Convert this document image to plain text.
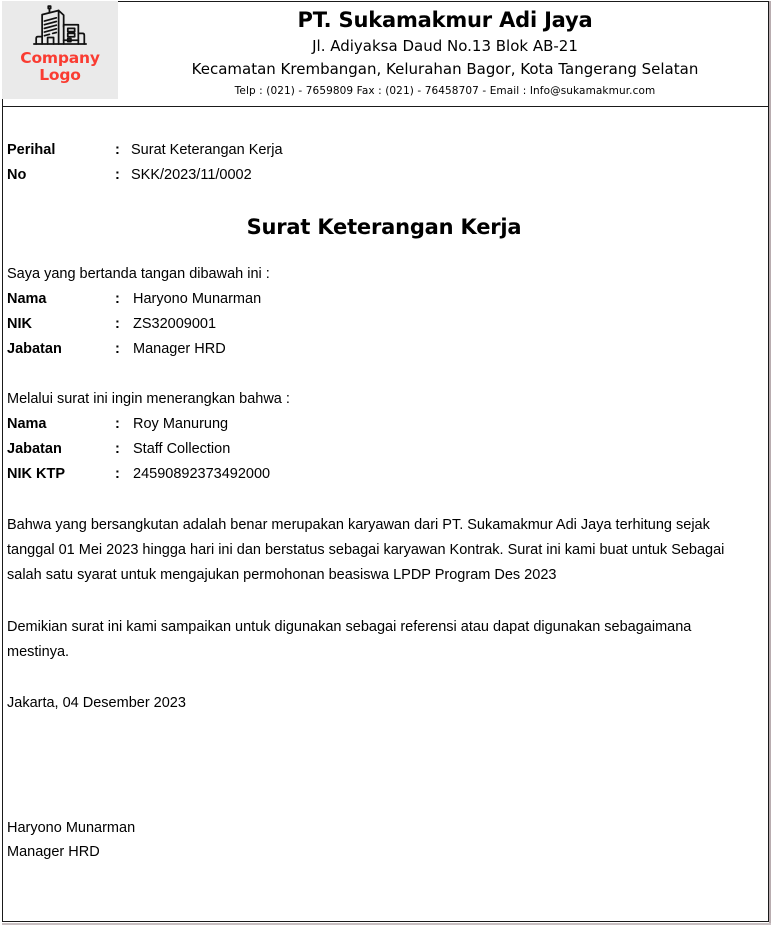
Company
Logo
PT. Sukamakmur Adi Jaya
Jl. Adiyaksa Daud No.13 Blok AB-21
Kecamatan Krembangan, Kelurahan Bagor, Kota Tangerang Selatan
Telp : (021) - 7659809 Fax : (021) - 76458707 - Email : Info@sukamakmur.com
Perihal	: Surat Keterangan Kerja
No	: SKK/2023/11/0002
Surat Keterangan Kerja
Saya yang bertanda tangan dibawah ini :
Nama	: Haryono Munarman
NIK	: ZS32009001
Jabatan	: Manager HRD
Melalui surat ini ingin menerangkan bahwa :
Nama	: Roy Manurung
Jabatan	: Staff Collection
NIK KTP	: 24590892373492000
Bahwa yang bersangkutan adalah benar merupakan karyawan dari PT. Sukamakmur Adi Jaya terhitung sejak tanggal 01 Mei 2023 hingga hari ini dan berstatus sebagai karyawan Kontrak. Surat ini kami buat untuk Sebagai salah satu syarat untuk mengajukan permohonan beasiswa LPDP Program Des 2023
Demikian surat ini kami sampaikan untuk digunakan sebagai referensi atau dapat digunakan sebagaimana mestinya.
Jakarta, 04 Desember 2023
Haryono Munarman
Manager HRD
